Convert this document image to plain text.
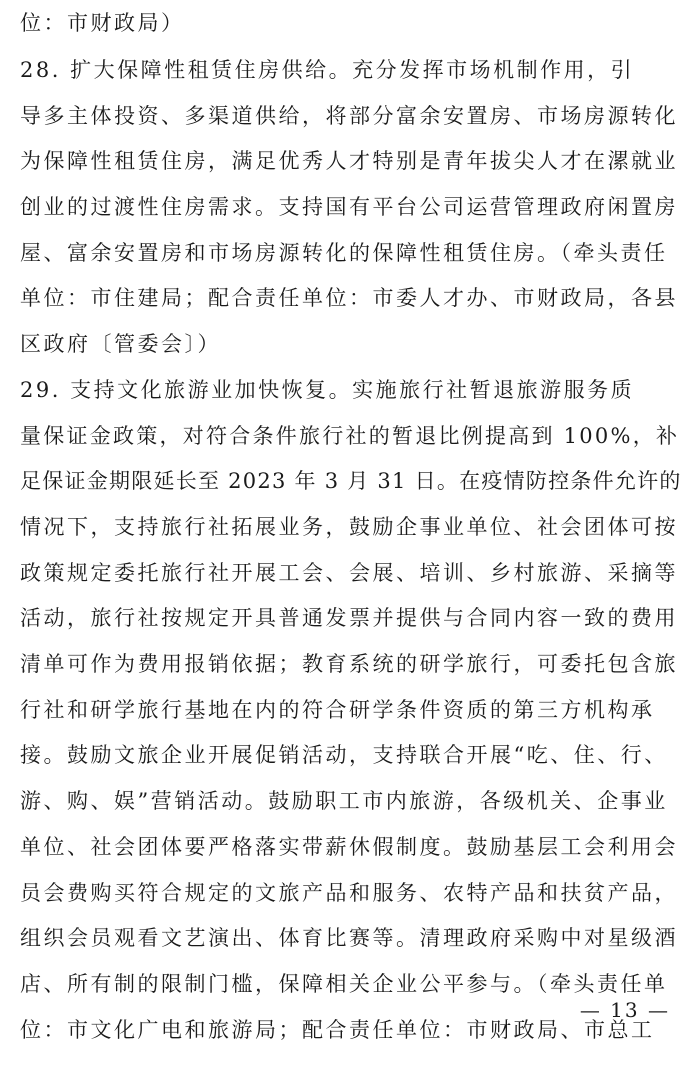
位：市财政局）
28. 扩大保障性租赁住房供给。充分发挥市场机制作用，引
导多主体投资、多渠道供给，将部分富余安置房、市场房源转化
为保障性租赁住房，满足优秀人才特别是青年拔尖人才在漯就业
创业的过渡性住房需求。支持国有平台公司运营管理政府闲置房
屋、富余安置房和市场房源转化的保障性租赁住房。（牵头责任
单位：市住建局；配合责任单位：市委人才办、市财政局，各县
区政府〔管委会〕）
29. 支持文化旅游业加快恢复。实施旅行社暂退旅游服务质
量保证金政策，对符合条件旅行社的暂退比例提高到 100%，补
足保证金期限延长至 2023 年 3 月 31 日。在疫情防控条件允许的
情况下，支持旅行社拓展业务，鼓励企事业单位、社会团体可按
政策规定委托旅行社开展工会、会展、培训、乡村旅游、采摘等
活动，旅行社按规定开具普通发票并提供与合同内容一致的费用
清单可作为费用报销依据；教育系统的研学旅行，可委托包含旅
行社和研学旅行基地在内的符合研学条件资质的第三方机构承
接。鼓励文旅企业开展促销活动，支持联合开展“吃、住、行、
游、购、娱”营销活动。鼓励职工市内旅游，各级机关、企事业
单位、社会团体要严格落实带薪休假制度。鼓励基层工会利用会
员会费购买符合规定的文旅产品和服务、农特产品和扶贫产品，
组织会员观看文艺演出、体育比赛等。清理政府采购中对星级酒
店、所有制的限制门槛，保障相关企业公平参与。（牵头责任单
位：市文化广电和旅游局；配合责任单位：市财政局、市总工
— 13 —
